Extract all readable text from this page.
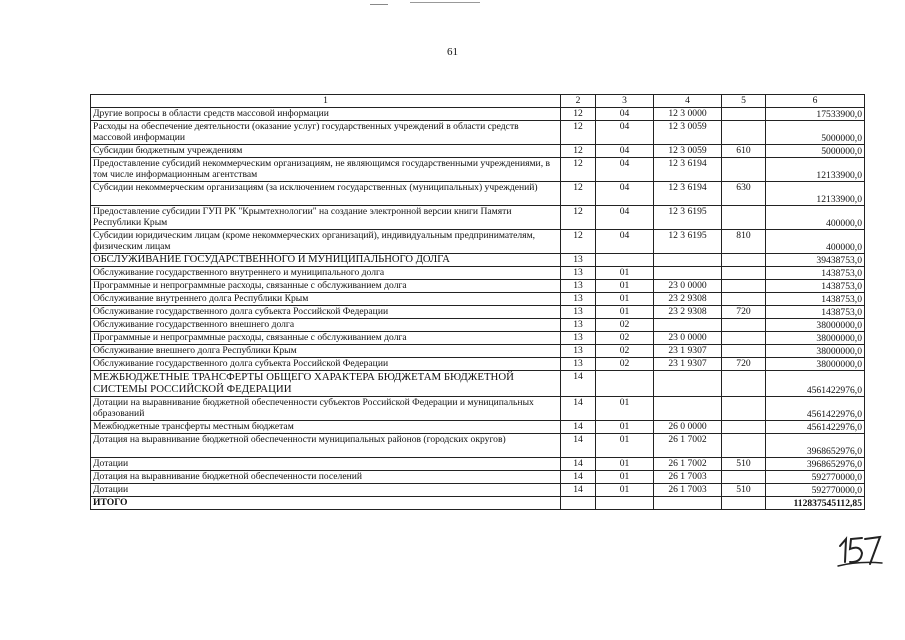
61
1	2	3	4	5	6
Другие вопросы в области средств массовой информации	12	04	12 3 0000		17533900,0
Расходы на обеспечение деятельности (оказание услуг) государственных учреждений в области средств массовой информации	12	04	12 3 0059		5000000,0
Субсидии бюджетным учреждениям	12	04	12 3 0059	610	5000000,0
Предоставление субсидий некоммерческим организациям, не являющимся государственными учреждениями, в том числе информационным агентствам	12	04	12 3 6194		12133900,0
Субсидии некоммерческим организациям (за исключением государственных (муниципальных) учреждений)	12	04	12 3 6194	630	12133900,0
Предоставление субсидии ГУП РК "Крымтехнологии" на создание электронной версии книги Памяти Республики Крым	12	04	12 3 6195		400000,0
Субсидии юридическим лицам (кроме некоммерческих организаций), индивидуальным предпринимателям, физическим лицам	12	04	12 3 6195	810	400000,0
ОБСЛУЖИВАНИЕ ГОСУДАРСТВЕННОГО И МУНИЦИПАЛЬНОГО ДОЛГА	13				39438753,0
Обслуживание государственного внутреннего и муниципального долга	13	01			1438753,0
Программные и непрограммные расходы, связанные с обслуживанием долга	13	01	23 0 0000		1438753,0
Обслуживание внутреннего долга Республики Крым	13	01	23 2 9308		1438753,0
Обслуживание государственного долга субъекта Российской Федерации	13	01	23 2 9308	720	1438753,0
Обслуживание государственного внешнего долга	13	02			38000000,0
Программные и непрограммные расходы, связанные с обслуживанием долга	13	02	23 0 0000		38000000,0
Обслуживание внешнего долга Республики Крым	13	02	23 1 9307		38000000,0
Обслуживание государственного долга субъекта Российской Федерации	13	02	23 1 9307	720	38000000,0
МЕЖБЮДЖЕТНЫЕ ТРАНСФЕРТЫ ОБЩЕГО ХАРАКТЕРА БЮДЖЕТАМ БЮДЖЕТНОЙ СИСТЕМЫ РОССИЙСКОЙ ФЕДЕРАЦИИ	14				4561422976,0
Дотации на выравнивание бюджетной обеспеченности субъектов Российской Федерации и муниципальных образований	14	01			4561422976,0
Межбюджетные трансферты местным бюджетам	14	01	26 0 0000		4561422976,0
Дотация на выравнивание бюджетной обеспеченности муниципальных районов (городских округов)	14	01	26 1 7002		3968652976,0
Дотации	14	01	26 1 7002	510	3968652976,0
Дотация на выравнивание бюджетной обеспеченности поселений	14	01	26 1 7003		592770000,0
Дотации	14	01	26 1 7003	510	592770000,0
ИТОГО					112837545112,85
